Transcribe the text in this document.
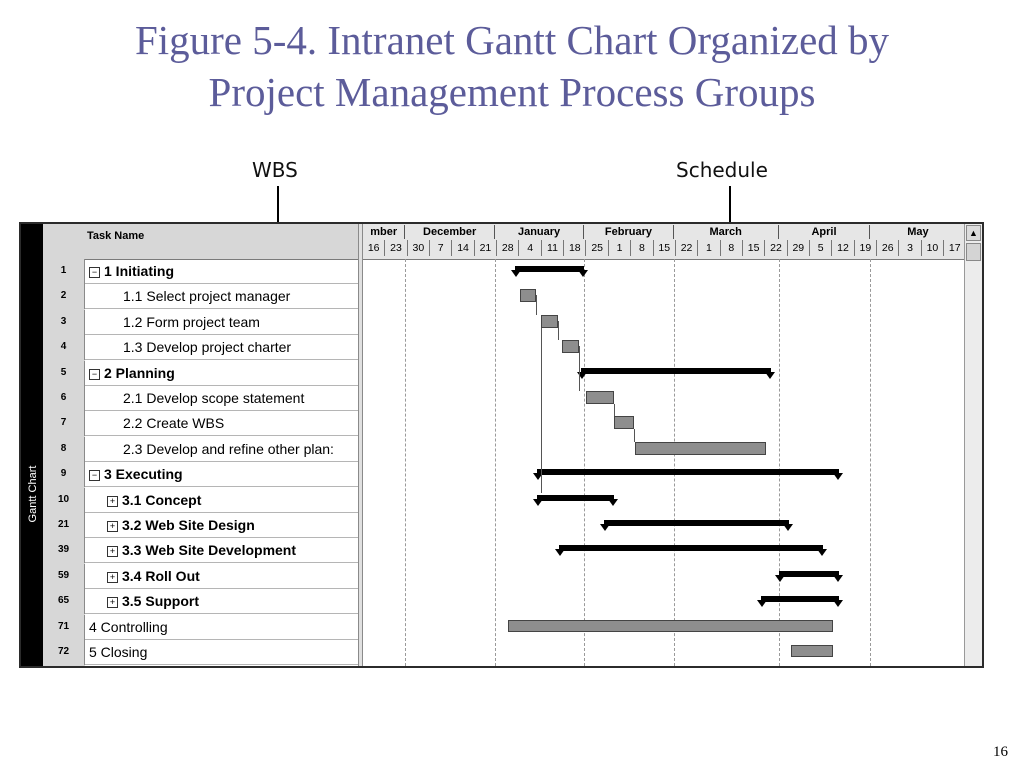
Figure 5-4. Intranet Gantt Chart Organized by
Project Management Process Groups
WBS	Schedule
Gantt Chart
Task Name
1	− 1 Initiating
2	1.1 Select project manager
3	1.2 Form project team
4	1.3 Develop project charter
5	− 2 Planning
6	2.1 Develop scope statement
7	2.2 Create WBS
8	2.3 Develop and refine other plan:
9	− 3 Executing
10	+ 3.1 Concept
21	+ 3.2 Web Site Design
39	+ 3.3 Web Site Development
59	+ 3.4 Roll Out
65	+ 3.5 Support
71	4 Controlling
72	5 Closing
mber	December	January	February	March	April	May
16	23	30	7	14	21	28	4	11	18	25	1	8	15	22	1	8	15	22	29	5	12	19	26	3	10	17
▲
16
